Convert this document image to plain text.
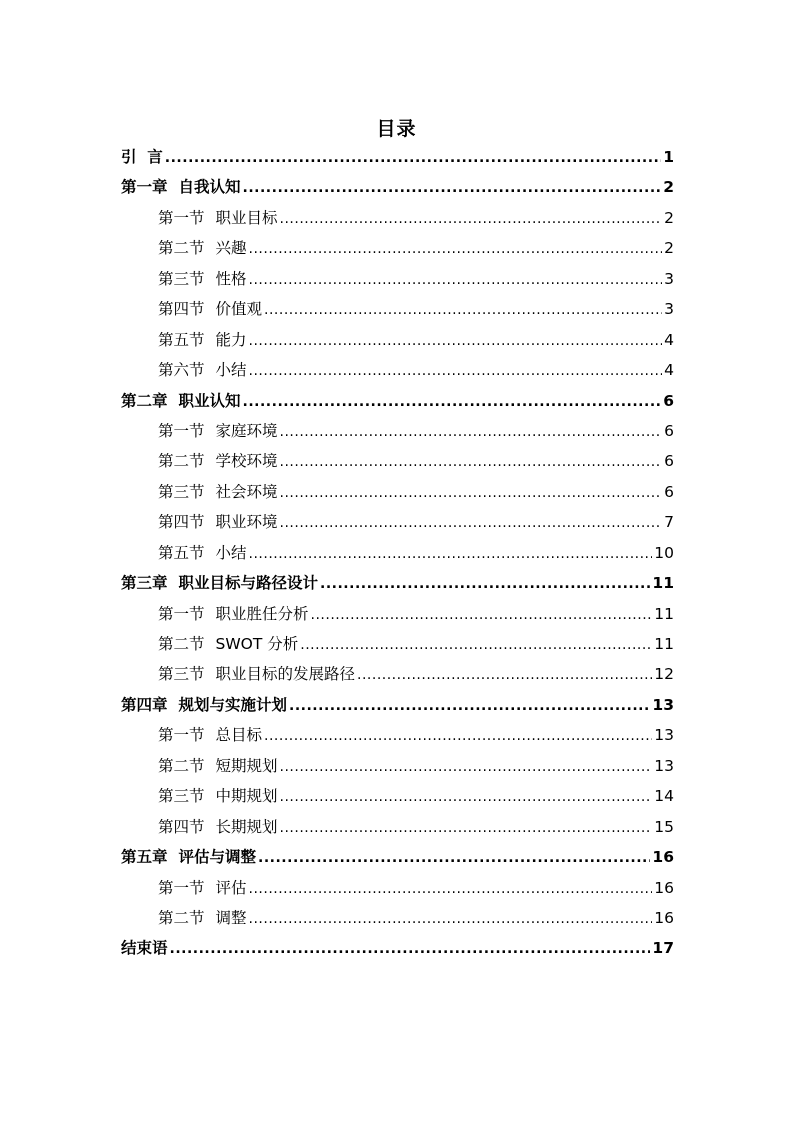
目录
引  言 .....	1
第一章 自我认知 .....	2
第一节 职业目标 .....	2
第二节 兴趣 .....	2
第三节 性格 .....	3
第四节 价值观 .....	3
第五节 能力 .....	4
第六节 小结 .....	4
第二章 职业认知 .....	6
第一节 家庭环境 .....	6
第二节 学校环境 .....	6
第三节 社会环境 .....	6
第四节 职业环境 .....	7
第五节 小结 .....	10
第三章 职业目标与路径设计 .....	11
第一节 职业胜任分析 .....	11
第二节 SWOT 分析 .....	11
第三节 职业目标的发展路径 .....	12
第四章 规划与实施计划 .....	13
第一节 总目标 .....	13
第二节 短期规划 .....	13
第三节 中期规划 .....	14
第四节 长期规划 .....	15
第五章 评估与调整 .....	16
第一节 评估 .....	16
第二节 调整 .....	16
结束语 .....	17
